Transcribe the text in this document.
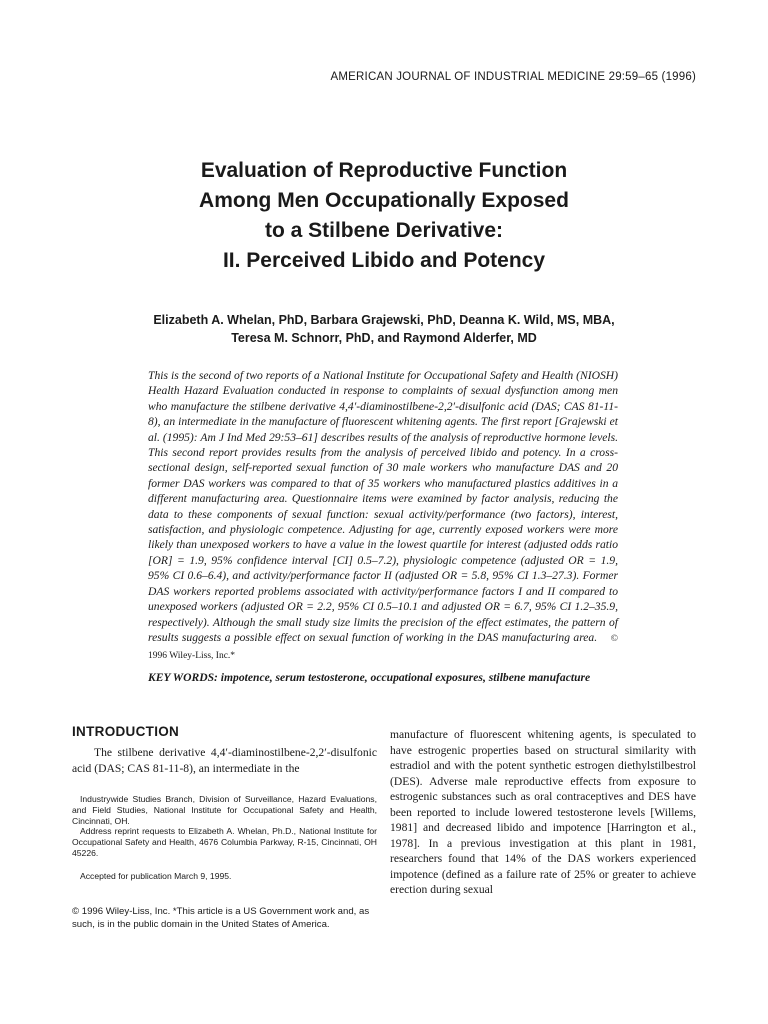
AMERICAN JOURNAL OF INDUSTRIAL MEDICINE 29:59–65 (1996)
Evaluation of Reproductive Function
Among Men Occupationally Exposed
to a Stilbene Derivative:
II. Perceived Libido and Potency
Elizabeth A. Whelan, PhD, Barbara Grajewski, PhD, Deanna K. Wild, MS, MBA,
Teresa M. Schnorr, PhD, and Raymond Alderfer, MD
This is the second of two reports of a National Institute for Occupational Safety and Health (NIOSH) Health Hazard Evaluation conducted in response to complaints of sexual dysfunction among men who manufacture the stilbene derivative 4,4′-diaminostilbene-2,2′-disulfonic acid (DAS; CAS 81-11-8), an intermediate in the manufacture of fluorescent whitening agents. The first report [Grajewski et al. (1995): Am J Ind Med 29:53–61] describes results of the analysis of reproductive hormone levels. This second report provides results from the analysis of perceived libido and potency. In a cross-sectional design, self-reported sexual function of 30 male workers who manufacture DAS and 20 former DAS workers was compared to that of 35 workers who manufactured plastics additives in a different manufacturing area. Questionnaire items were examined by factor analysis, reducing the data to these components of sexual function: sexual activity/performance (two factors), interest, satisfaction, and physiologic competence. Adjusting for age, currently exposed workers were more likely than unexposed workers to have a value in the lowest quartile for interest (adjusted odds ratio [OR] = 1.9, 95% confidence interval [CI] 0.5–7.2), physiologic competence (adjusted OR = 1.9, 95% CI 0.6–6.4), and activity/performance factor II (adjusted OR = 5.8, 95% CI 1.3–27.3). Former DAS workers reported problems associated with activity/performance factors I and II compared to unexposed workers (adjusted OR = 2.2, 95% CI 0.5–10.1 and adjusted OR = 6.7, 95% CI 1.2–35.9, respectively). Although the small study size limits the precision of the effect estimates, the pattern of results suggests a possible effect on sexual function of working in the DAS manufacturing area. © 1996 Wiley-Liss, Inc.*
KEY WORDS: impotence, serum testosterone, occupational exposures, stilbene manufacture
INTRODUCTION
The stilbene derivative 4,4′-diaminostilbene-2,2′-disulfonic acid (DAS; CAS 81-11-8), an intermediate in the

Industrywide Studies Branch, Division of Surveillance, Hazard Evaluations, and Field Studies, National Institute for Occupational Safety and Health, Cincinnati, OH.

Address reprint requests to Elizabeth A. Whelan, Ph.D., National Institute for Occupational Safety and Health, 4676 Columbia Parkway, R-15, Cincinnati, OH 45226.

Accepted for publication March 9, 1995.

© 1996 Wiley-Liss, Inc. *This article is a US Government work and, as such, is in the public domain in the United States of America.
manufacture of fluorescent whitening agents, is speculated to have estrogenic properties based on structural similarity with estradiol and with the potent synthetic estrogen diethylstilbestrol (DES). Adverse male reproductive effects from exposure to estrogenic substances such as oral contraceptives and DES have been reported to include lowered testosterone levels [Willems, 1981] and decreased libido and impotence [Harrington et al., 1978]. In a previous investigation at this plant in 1981, researchers found that 14% of the DAS workers experienced impotence (defined as a failure rate of 25% or greater to achieve erection during sexual
